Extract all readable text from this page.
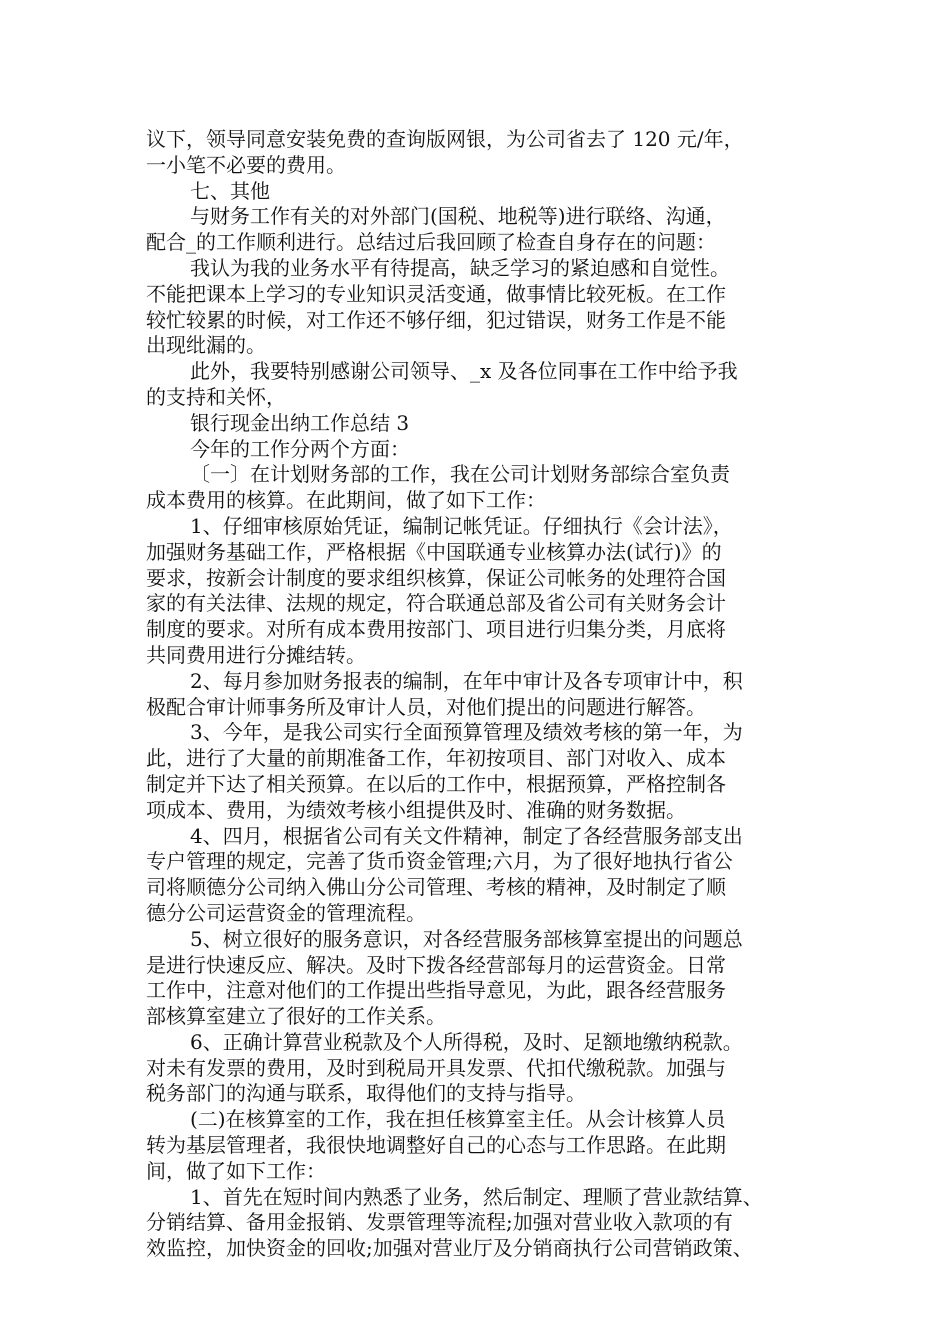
议下，领导同意安装免费的查询版网银，为公司省去了 120 元/年，
一小笔不必要的费用。
七、其他
与财务工作有关的对外部门(国税、地税等)进行联络、沟通，
配合_的工作顺利进行。总结过后我回顾了检查自身存在的问题：
我认为我的业务水平有待提高，缺乏学习的紧迫感和自觉性。
不能把课本上学习的专业知识灵活变通，做事情比较死板。在工作
较忙较累的时候，对工作还不够仔细，犯过错误，财务工作是不能
出现纰漏的。
此外，我要特别感谢公司领导、_x 及各位同事在工作中给予我
的支持和关怀，
银行现金出纳工作总结 3
今年的工作分两个方面：
〔一〕在计划财务部的工作，我在公司计划财务部综合室负责
成本费用的核算。在此期间，做了如下工作：
1、仔细审核原始凭证，编制记帐凭证。仔细执行《会计法》，
加强财务基础工作，严格根据《中国联通专业核算办法(试行)》的
要求，按新会计制度的要求组织核算，保证公司帐务的处理符合国
家的有关法律、法规的规定，符合联通总部及省公司有关财务会计
制度的要求。对所有成本费用按部门、项目进行归集分类，月底将
共同费用进行分摊结转。
2、每月参加财务报表的编制，在年中审计及各专项审计中，积
极配合审计师事务所及审计人员，对他们提出的问题进行解答。
3、今年，是我公司实行全面预算管理及绩效考核的第一年，为
此，进行了大量的前期准备工作，年初按项目、部门对收入、成本
制定并下达了相关预算。在以后的工作中，根据预算，严格控制各
项成本、费用，为绩效考核小组提供及时、准确的财务数据。
4、四月，根据省公司有关文件精神，制定了各经营服务部支出
专户管理的规定，完善了货币资金管理;六月，为了很好地执行省公
司将顺德分公司纳入佛山分公司管理、考核的精神，及时制定了顺
德分公司运营资金的管理流程。
5、树立很好的服务意识，对各经营服务部核算室提出的问题总
是进行快速反应、解决。及时下拨各经营部每月的运营资金。日常
工作中，注意对他们的工作提出些指导意见，为此，跟各经营服务
部核算室建立了很好的工作关系。
6、正确计算营业税款及个人所得税，及时、足额地缴纳税款。
对未有发票的费用，及时到税局开具发票、代扣代缴税款。加强与
税务部门的沟通与联系，取得他们的支持与指导。
(二)在核算室的工作，我在担任核算室主任。从会计核算人员
转为基层管理者，我很快地调整好自己的心态与工作思路。在此期
间，做了如下工作：
1、首先在短时间内熟悉了业务，然后制定、理顺了营业款结算、
分销结算、备用金报销、发票管理等流程;加强对营业收入款项的有
效监控，加快资金的回收;加强对营业厅及分销商执行公司营销政策、
